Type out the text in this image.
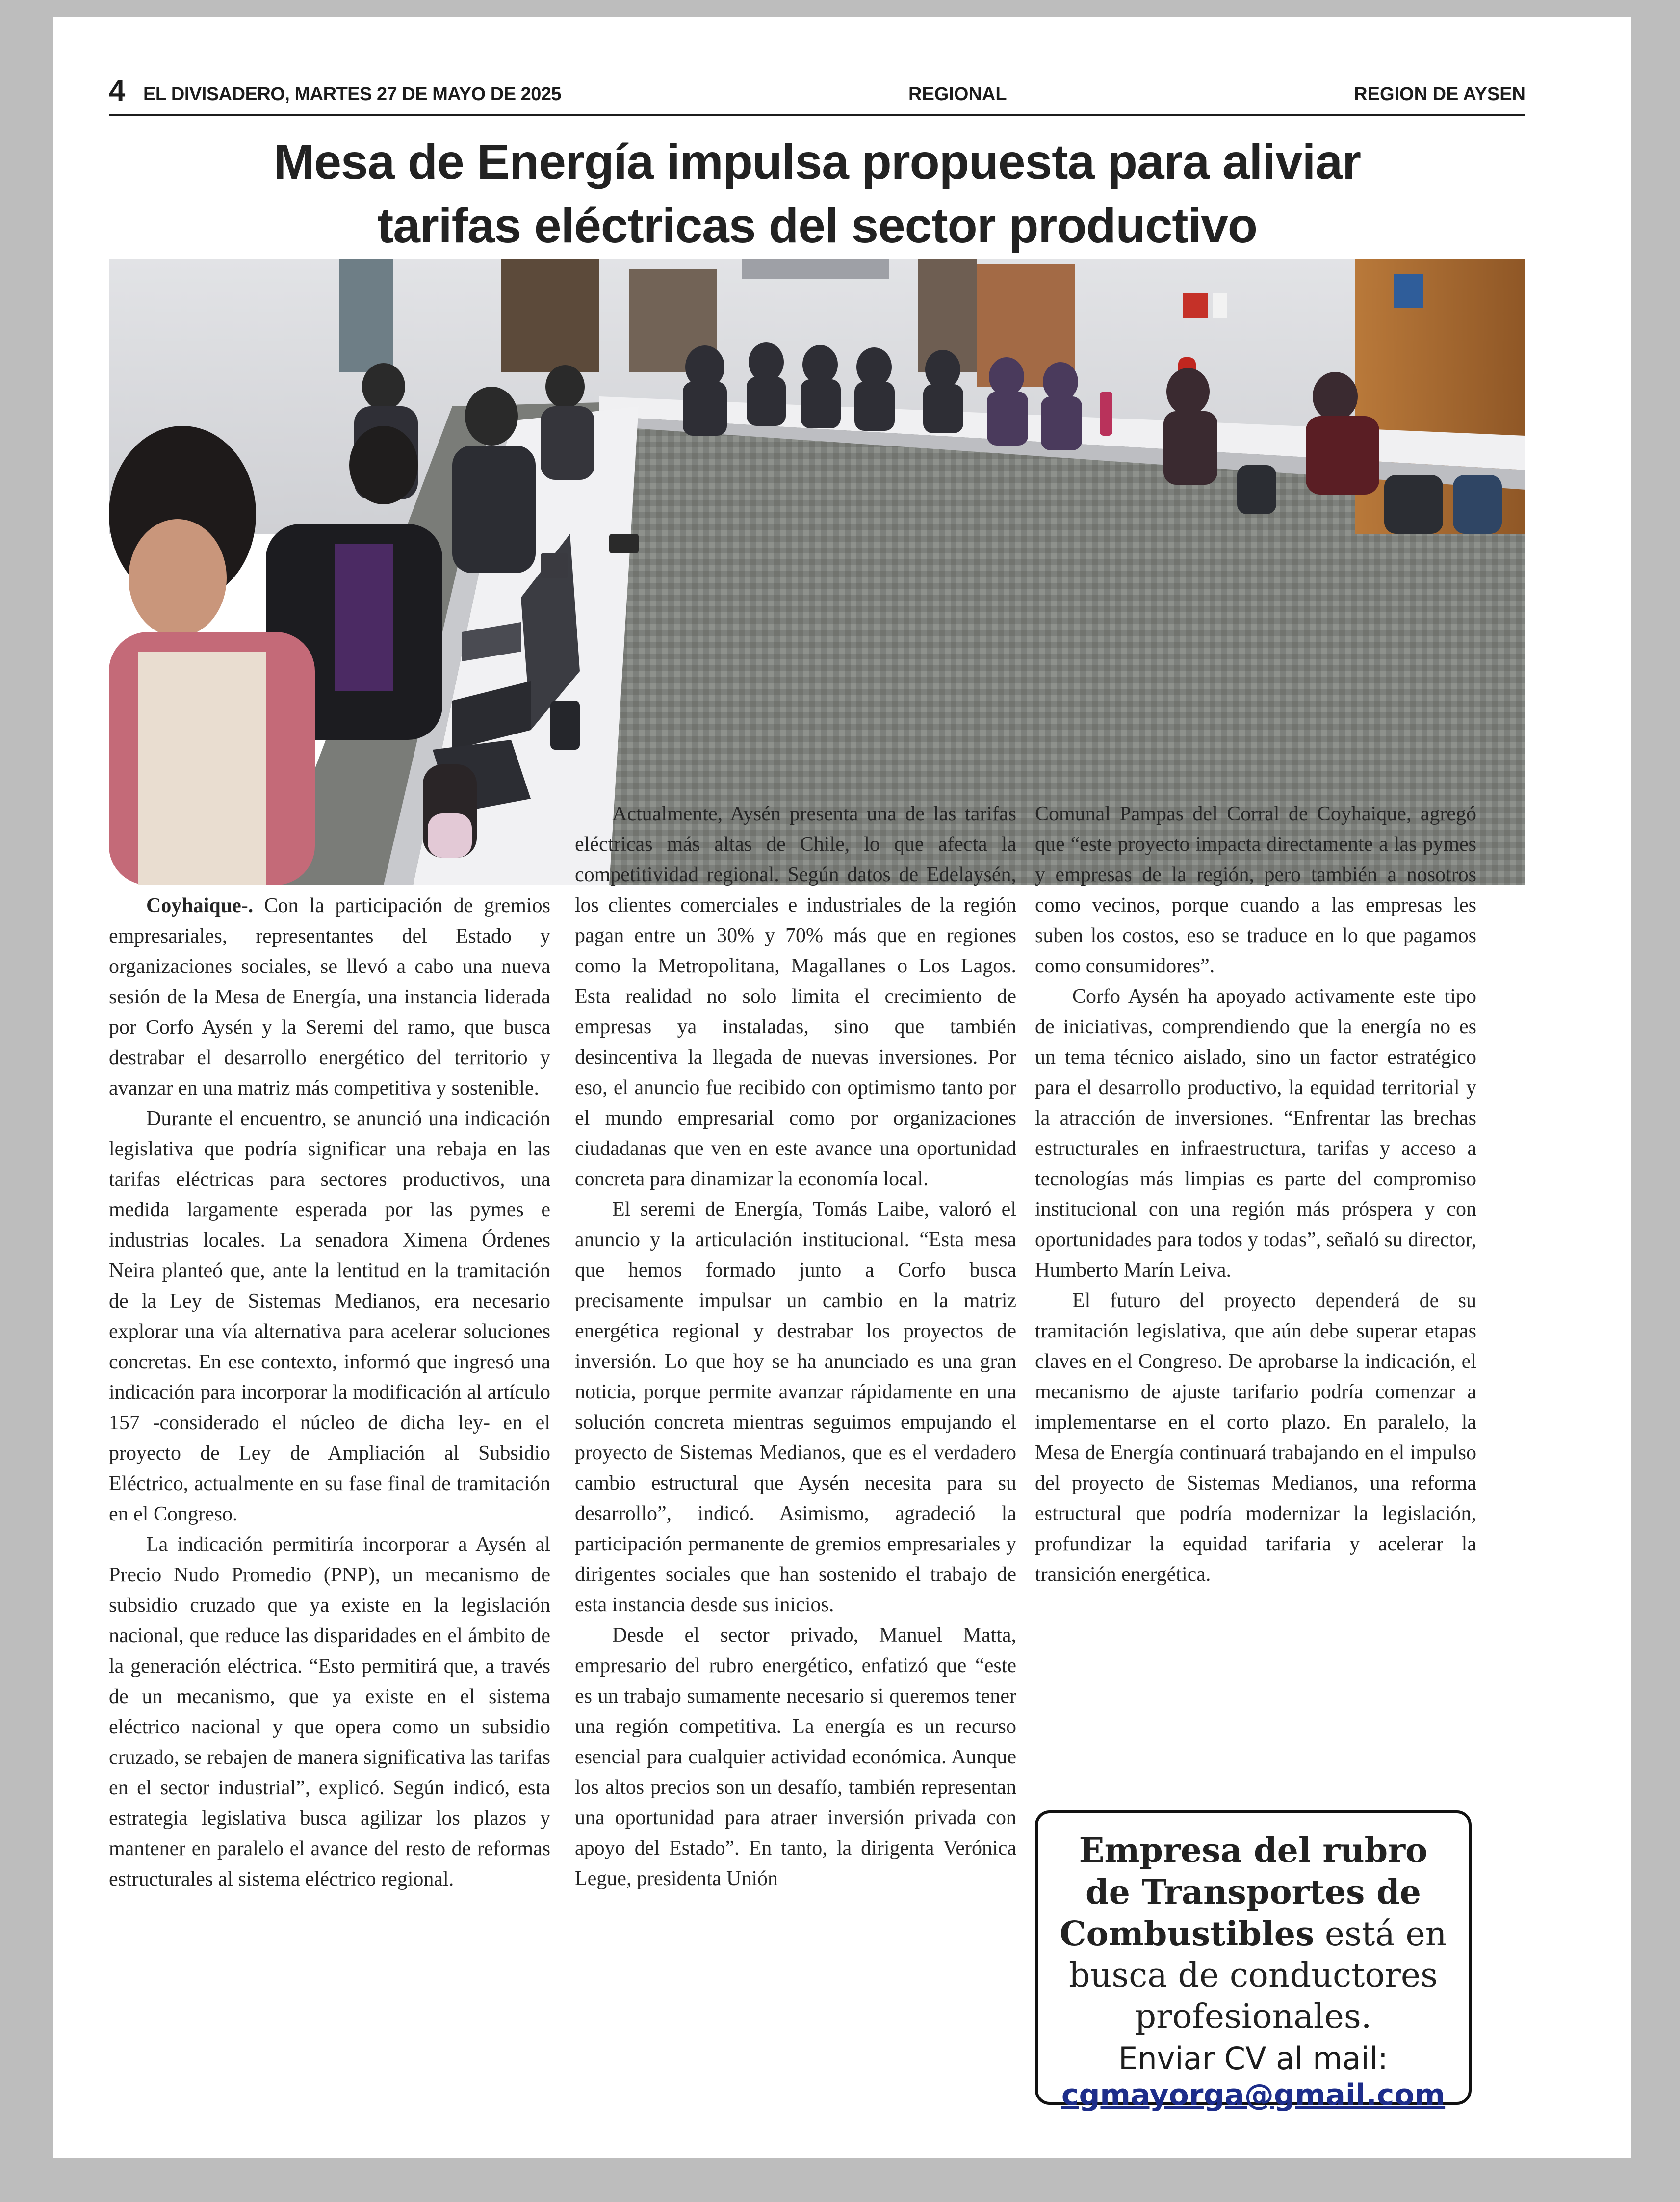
4 EL DIVISADERO, MARTES 27 DE MAYO DE 2025	REGIONAL	REGION DE AYSEN
Mesa de Energía impulsa propuesta para aliviar
tarifas eléctricas del sector productivo

Coyhaique-. Con la participación de gremios empresariales, representantes del Estado y organizaciones sociales, se llevó a cabo una nueva sesión de la Mesa de Energía, una instancia liderada por Corfo Aysén y la Seremi del ramo, que busca destrabar el desarrollo energético del territorio y avanzar en una matriz más competitiva y sostenible.

Durante el encuentro, se anunció una indicación legislativa que podría significar una rebaja en las tarifas eléctricas para sectores productivos, una medida largamente esperada por las pymes e industrias locales. La senadora Ximena Órdenes Neira planteó que, ante la lentitud en la tramitación de la Ley de Sistemas Medianos, era necesario explorar una vía alternativa para acelerar soluciones concretas. En ese contexto, informó que ingresó una indicación para incorporar la modificación al artículo 157 -considerado el núcleo de dicha ley- en el proyecto de Ley de Ampliación al Subsidio Eléctrico, actualmente en su fase final de tramitación en el Congreso.

La indicación permitiría incorporar a Aysén al Precio Nudo Promedio (PNP), un mecanismo de subsidio cruzado que ya existe en la legislación nacional, que reduce las disparidades en el ámbito de la generación eléctrica. “Esto permitirá que, a través de un mecanismo, que ya existe en el sistema eléctrico nacional y que opera como un subsidio cruzado, se rebajen de manera significativa las tarifas en el sector industrial”, explicó. Según indicó, esta estrategia legislativa busca agilizar los plazos y mantener en paralelo el avance del resto de reformas estructurales al sistema eléctrico regional.

Actualmente, Aysén presenta una de las tarifas eléctricas más altas de Chile, lo que afecta la competitividad regional. Según datos de Edelaysén, los clientes comerciales e industriales de la región pagan entre un 30% y 70% más que en regiones como la Metropolitana, Magallanes o Los Lagos. Esta realidad no solo limita el crecimiento de empresas ya instaladas, sino que también desincentiva la llegada de nuevas inversiones. Por eso, el anuncio fue recibido con optimismo tanto por el mundo empresarial como por organizaciones ciudadanas que ven en este avance una oportunidad concreta para dinamizar la economía local.

El seremi de Energía, Tomás Laibe, valoró el anuncio y la articulación institucional. “Esta mesa que hemos formado junto a Corfo busca precisamente impulsar un cambio en la matriz energética regional y destrabar los proyectos de inversión. Lo que hoy se ha anunciado es una gran noticia, porque permite avanzar rápidamente en una solución concreta mientras seguimos empujando el proyecto de Sistemas Medianos, que es el verdadero cambio estructural que Aysén necesita para su desarrollo”, indicó. Asimismo, agradeció la participación permanente de gremios empresariales y dirigentes sociales que han sostenido el trabajo de esta instancia desde sus inicios.

Desde el sector privado, Manuel Matta, empresario del rubro energético, enfatizó que “este es un trabajo sumamente necesario si queremos tener una región competitiva. La energía es un recurso esencial para cualquier actividad económica. Aunque los altos precios son un desafío, también representan una oportunidad para atraer inversión privada con apoyo del Estado”. En tanto, la dirigenta Verónica Legue, presidenta Unión

Comunal Pampas del Corral de Coyhaique, agregó que “este proyecto impacta directamente a las pymes y empresas de la región, pero también a nosotros como vecinos, porque cuando a las empresas les suben los costos, eso se traduce en lo que pagamos como consumidores”.

Corfo Aysén ha apoyado activamente este tipo de iniciativas, comprendiendo que la energía no es un tema técnico aislado, sino un factor estratégico para el desarrollo productivo, la equidad territorial y la atracción de inversiones. “Enfrentar las brechas estructurales en infraestructura, tarifas y acceso a tecnologías más limpias es parte del compromiso institucional con una región más próspera y con oportunidades para todos y todas”, señaló su director, Humberto Marín Leiva.

El futuro del proyecto dependerá de su tramitación legislativa, que aún debe superar etapas claves en el Congreso. De aprobarse la indicación, el mecanismo de ajuste tarifario podría comenzar a implementarse en el corto plazo. En paralelo, la Mesa de Energía continuará trabajando en el impulso del proyecto de Sistemas Medianos, una reforma estructural que podría modernizar la legislación, profundizar la equidad tarifaria y acelerar la transición energética.

Empresa del rubro de Transportes de Combustibles está en busca de conductores profesionales.
Enviar CV al mail:
cgmayorga@gmail.com
